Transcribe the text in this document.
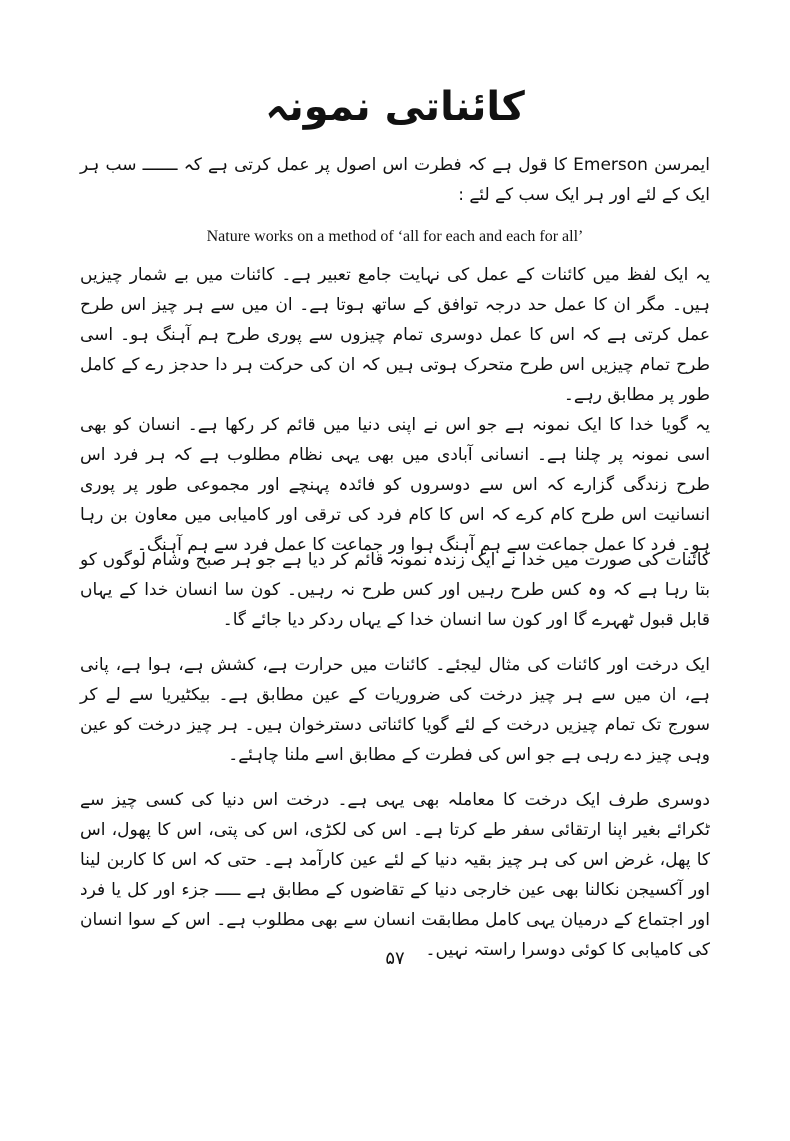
کائناتی نمونہ

ایمرسن Emerson کا قول ہے کہ فطرت اس اصول پر عمل کرتی ہے کہ ـــــــ سب ہر ایک کے لئے اور ہر ایک سب کے لئے :

Nature works on a method of ‘all for each and each for all’

یہ ایک لفظ میں کائنات کے عمل کی نہایت جامع تعبیر ہے۔ کائنات میں بے شمار چیزیں ہیں۔ مگر ان کا عمل حد درجہ توافق کے ساتھ ہوتا ہے۔ ان میں سے ہر چیز اس طرح عمل کرتی ہے کہ اس کا عمل دوسری تمام چیزوں سے پوری طرح ہم آہنگ ہو۔ اسی طرح تمام چیزیں اس طرح متحرک ہوتی ہیں کہ ان کی حرکت ہر دا حدجز رے کے کامل طور پر مطابق رہے۔

یہ گویا خدا کا ایک نمونہ ہے جو اس نے اپنی دنیا میں قائم کر رکھا ہے۔ انسان کو بھی اسی نمونہ پر چلنا ہے۔ انسانی آبادی میں بھی یہی نظام مطلوب ہے کہ ہر فرد اس طرح زندگی گزارے کہ اس سے دوسروں کو فائدہ پہنچے اور مجموعی طور پر پوری انسانیت اس طرح کام کرے کہ اس کا کام فرد کی ترقی اور کامیابی میں معاون بن رہا ہو۔ فرد کا عمل جماعت سے ہم آہنگ ہوا ور جماعت کا عمل فرد سے ہم آہنگ۔

کائنات کی صورت میں خدا نے ایک زندہ نمونہ قائم کر دیا ہے جو ہر صبح وشام لوگوں کو بتا رہا ہے کہ وہ کس طرح رہیں اور کس طرح نہ رہیں۔ کون سا انسان خدا کے یہاں قابل قبول ٹھہرے گا اور کون سا انسان خدا کے یہاں ردکر دیا جائے گا۔

ایک درخت اور کائنات کی مثال لیجئے۔ کائنات میں حرارت ہے، کشش ہے، ہوا ہے، پانی ہے، ان میں سے ہر چیز درخت کی ضروریات کے عین مطابق ہے۔ بیکٹیریا سے لے کر سورج تک تمام چیزیں درخت کے لئے گویا کائناتی دسترخوان ہیں۔ ہر چیز درخت کو عین وہی چیز دے رہی ہے جو اس کی فطرت کے مطابق اسے ملنا چاہئے۔

دوسری طرف ایک درخت کا معاملہ بھی یہی ہے۔ درخت اس دنیا کی کسی چیز سے ٹکرائے بغیر اپنا ارتقائی سفر طے کرتا ہے۔ اس کی لکڑی، اس کی پتی، اس کا پھول، اس کا پھل، غرض اس کی ہر چیز بقیہ دنیا کے لئے عین کارآمد ہے۔ حتی کہ اس کا کاربن لینا اور آکسیجن نکالنا بھی عین خارجی دنیا کے تقاضوں کے مطابق ہے ـــــ جزء اور کل یا فرد اور اجتماع کے درمیان یہی کامل مطابقت انسان سے بھی مطلوب ہے۔ اس کے سوا انسان کی کامیابی کا کوئی دوسرا راستہ نہیں۔

۵۷
